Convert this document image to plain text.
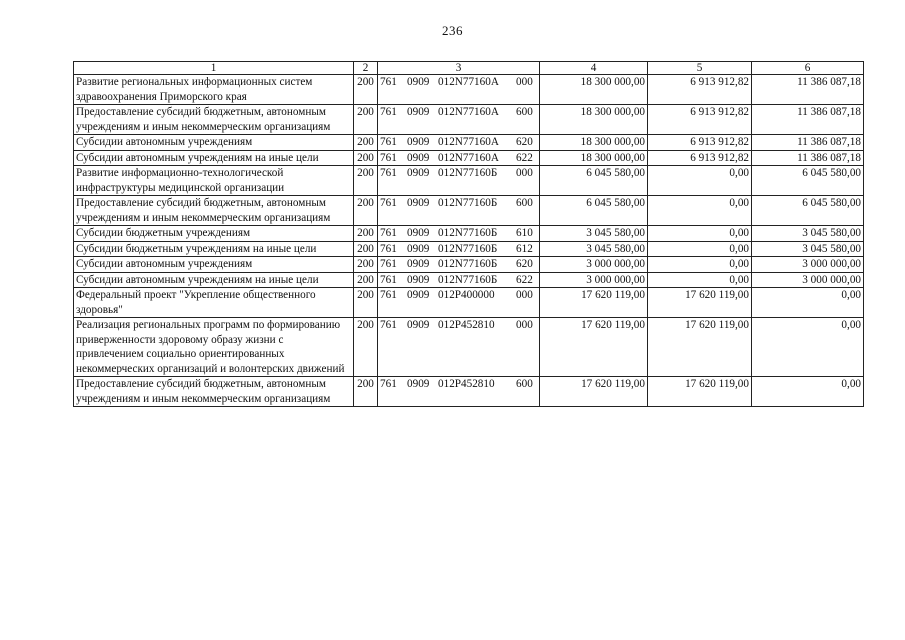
236
1	2	3	4	5	6
Развитие региональных информационных систем здравоохранения Приморского края	200	761 0909 012N77160А 000	18 300 000,00	6 913 912,82	11 386 087,18
Предоставление субсидий бюджетным, автономным учреждениям и иным некоммерческим организациям	200	761 0909 012N77160А 600	18 300 000,00	6 913 912,82	11 386 087,18
Субсидии автономным учреждениям	200	761 0909 012N77160А 620	18 300 000,00	6 913 912,82	11 386 087,18
Субсидии автономным учреждениям на иные цели	200	761 0909 012N77160А 622	18 300 000,00	6 913 912,82	11 386 087,18
Развитие информационно-технологической инфраструктуры медицинской организации	200	761 0909 012N77160Б 000	6 045 580,00	0,00	6 045 580,00
Предоставление субсидий бюджетным, автономным учреждениям и иным некоммерческим организациям	200	761 0909 012N77160Б 600	6 045 580,00	0,00	6 045 580,00
Субсидии бюджетным учреждениям	200	761 0909 012N77160Б 610	3 045 580,00	0,00	3 045 580,00
Субсидии бюджетным учреждениям на иные цели	200	761 0909 012N77160Б 612	3 045 580,00	0,00	3 045 580,00
Субсидии автономным учреждениям	200	761 0909 012N77160Б 620	3 000 000,00	0,00	3 000 000,00
Субсидии автономным учреждениям на иные цели	200	761 0909 012N77160Б 622	3 000 000,00	0,00	3 000 000,00
Федеральный проект "Укрепление общественного здоровья"	200	761 0909 012P400000 000	17 620 119,00	17 620 119,00	0,00
Реализация региональных программ по формированию приверженности здоровому образу жизни с привлечением социально ориентированных некоммерческих организаций и волонтерских движений	200	761 0909 012P452810 000	17 620 119,00	17 620 119,00	0,00
Предоставление субсидий бюджетным, автономным учреждениям и иным некоммерческим организациям	200	761 0909 012P452810 600	17 620 119,00	17 620 119,00	0,00
